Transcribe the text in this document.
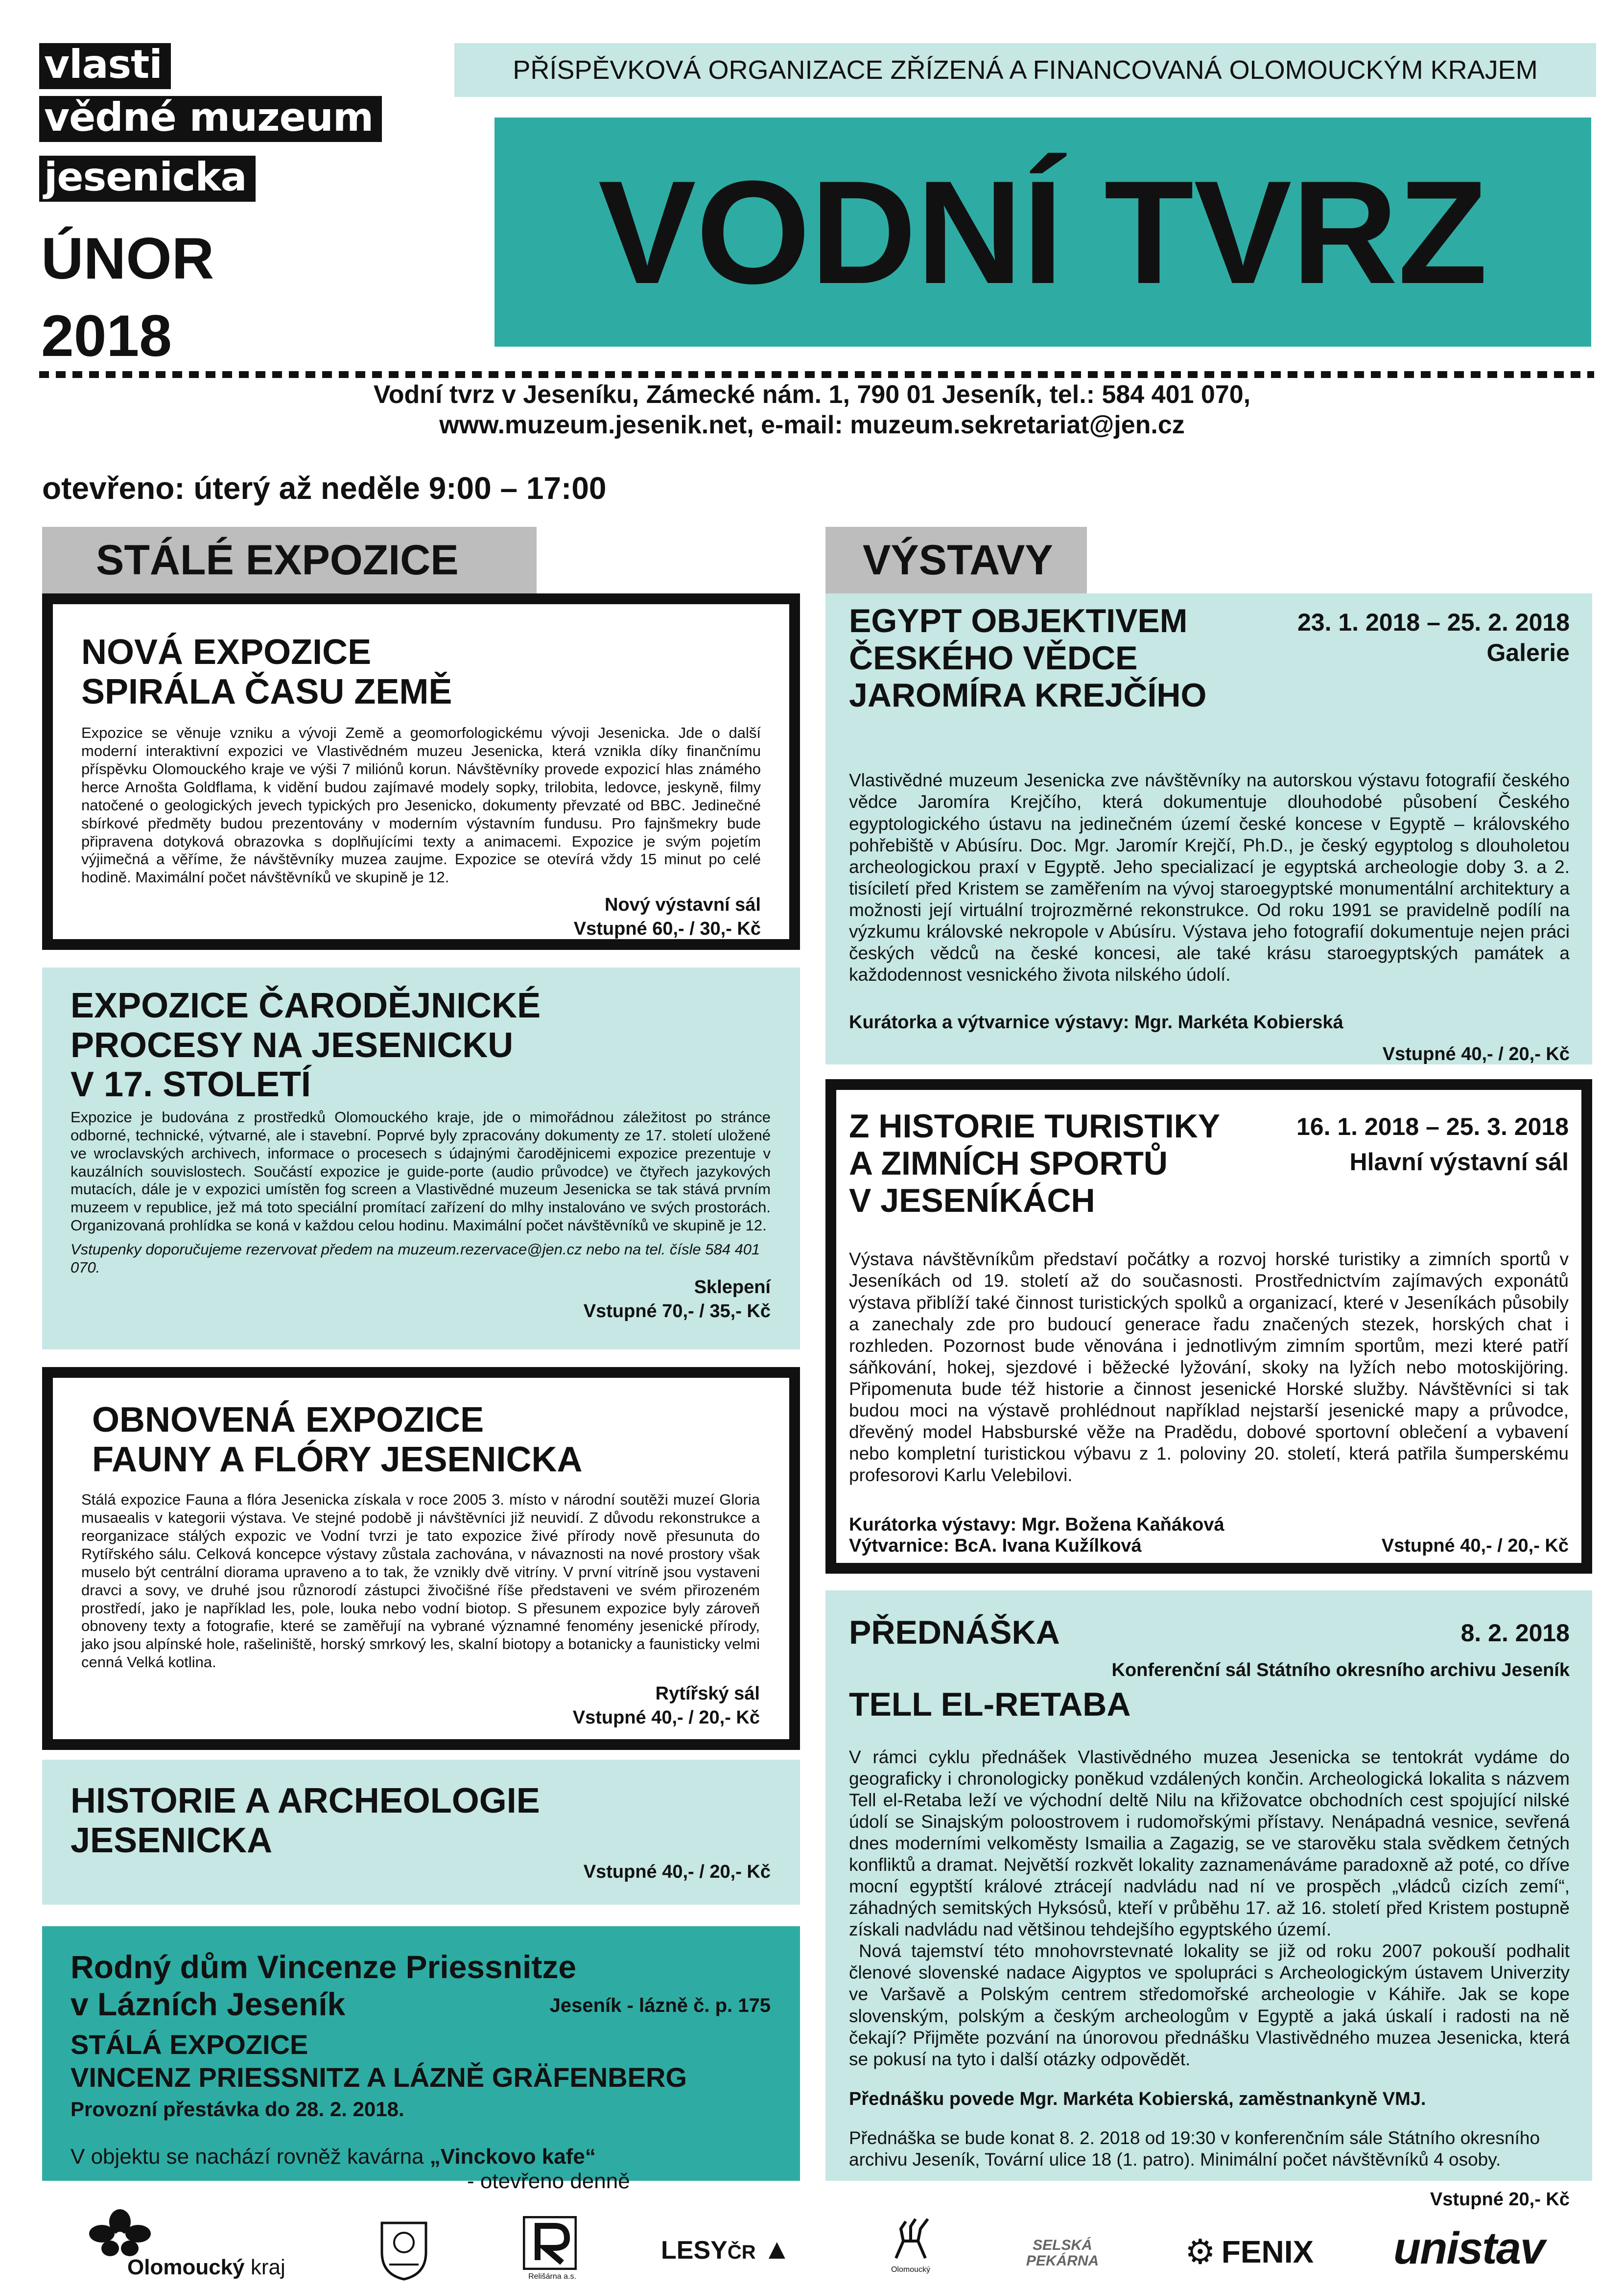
vlasti
vědné muzeum
jesenicka
ÚNOR
2018
PŘÍSPĚVKOVÁ ORGANIZACE ZŘÍZENÁ A FINANCOVANÁ OLOMOUCKÝM KRAJEM
VODNÍ TVRZ
Vodní tvrz v Jeseníku, Zámecké nám. 1, 790 01 Jeseník, tel.: 584 401 070,
www.muzeum.jesenik.net, e-mail: muzeum.sekretariat@jen.cz
otevřeno: úterý až neděle 9:00 – 17:00
STÁLÉ EXPOZICE	VÝSTAVY
NOVÁ EXPOZICE
SPIRÁLA ČASU ZEMĚ
Expozice se věnuje vzniku a vývoji Země a geomorfologickému vývoji Jesenicka. Jde o další moderní interaktivní expozici ve Vlastivědném muzeu Jesenicka, která vznikla díky finančnímu příspěvku Olomouckého kraje ve výši 7 miliónů korun. Návštěvníky provede expozicí hlas známého herce Arnošta Goldflama, k vidění budou zajímavé modely sopky, trilobita, ledovce, jeskyně, filmy natočené o geologických jevech typických pro Jesenicko, dokumenty převzaté od BBC. Jedinečné sbírkové předměty budou prezentovány v moderním výstavním fundusu. Pro fajnšmekry bude připravena dotyková obrazovka s doplňujícími texty a animacemi. Expozice je svým pojetím výjimečná a věříme, že návštěvníky muzea zaujme. Expozice se otevírá vždy 15 minut po celé hodině. Maximální počet návštěvníků ve skupině je 12.
Nový výstavní sál
Vstupné 60,- / 30,- Kč
EXPOZICE ČARODĚJNICKÉ
PROCESY NA JESENICKU
V 17. STOLETÍ
Expozice je budována z prostředků Olomouckého kraje, jde o mimořádnou záležitost po stránce odborné, technické, výtvarné, ale i stavební. Poprvé byly zpracovány dokumenty ze 17. století uložené ve wroclavských archivech, informace o procesech s údajnými čarodějnicemi expozice prezentuje v kauzálních souvislostech. Součástí expozice je guide-porte (audio průvodce) ve čtyřech jazykových mutacích, dále je v expozici umístěn fog screen a Vlastivědné muzeum Jesenicka se tak stává prvním muzeem v republice, jež má toto speciální promítací zařízení do mlhy instalováno ve svých prostorách. Organizovaná prohlídka se koná v každou celou hodinu. Maximální počet návštěvníků ve skupině je 12.
Vstupenky doporučujeme rezervovat předem na muzeum.rezervace@jen.cz nebo na tel. čísle 584 401 070.
Sklepení
Vstupné 70,- / 35,- Kč
OBNOVENÁ EXPOZICE
FAUNY A FLÓRY JESENICKA
Stálá expozice Fauna a flóra Jesenicka získala v roce 2005 3. místo v národní soutěži muzeí Gloria musaealis v kategorii výstava. Ve stejné podobě ji návštěvníci již neuvidí. Z důvodu rekonstrukce a reorganizace stálých expozic ve Vodní tvrzi je tato expozice živé přírody nově přesunuta do Rytířského sálu. Celková koncepce výstavy zůstala zachována, v návaznosti na nové prostory však muselo být centrální diorama upraveno a to tak, že vznikly dvě vitríny. V první vitríně jsou vystaveni dravci a sovy, ve druhé jsou různorodí zástupci živočišné říše představeni ve svém přirozeném prostředí, jako je například les, pole, louka nebo vodní biotop. S přesunem expozice byly zároveň obnoveny texty a fotografie, které se zaměřují na vybrané významné fenomény jesenické přírody, jako jsou alpínské hole, rašeliniště, horský smrkový les, skalní biotopy a botanicky a faunisticky velmi cenná Velká kotlina.
Rytířský sál
Vstupné 40,- / 20,- Kč
HISTORIE A ARCHEOLOGIE
JESENICKA
Vstupné 40,- / 20,- Kč
Rodný dům Vincenze Priessnitze
v Lázních Jeseník	Jeseník - lázně č. p. 175
STÁLÁ EXPOZICE
VINCENZ PRIESSNITZ A LÁZNĚ GRÄFENBERG
Provozní přestávka do 28. 2. 2018.
V objektu se nachází rovněž kavárna „Vinckovo kafe“
- otevřeno denně
EGYPT OBJEKTIVEM
ČESKÉHO VĚDCE
JAROMÍRA KREJČÍHO
23. 1. 2018 – 25. 2. 2018
Galerie
Vlastivědné muzeum Jesenicka zve návštěvníky na autorskou výstavu fotografií českého vědce Jaromíra Krejčího, která dokumentuje dlouhodobé působení Českého egyptologického ústavu na jedinečném území české koncese v Egyptě – královského pohřebiště v Abúsíru. Doc. Mgr. Jaromír Krejčí, Ph.D., je český egyptolog s dlouholetou archeologickou praxí v Egyptě. Jeho specializací je egyptská archeologie doby 3. a 2. tisíciletí před Kristem se zaměřením na vývoj staroegyptské monumentální architektury a možnosti její virtuální trojrozměrné rekonstrukce. Od roku 1991 se pravidelně podílí na výzkumu královské nekropole v Abúsíru. Výstava jeho fotografií dokumentuje nejen práci českých vědců na české koncesi, ale také krásu staroegyptských památek a každodennost vesnického života nilského údolí.
Kurátorka a výtvarnice výstavy: Mgr. Markéta Kobierská
Vstupné 40,- / 20,- Kč
Z HISTORIE TURISTIKY
A ZIMNÍCH SPORTŮ
V JESENÍKÁCH
16. 1. 2018 – 25. 3. 2018
Hlavní výstavní sál
Výstava návštěvníkům představí počátky a rozvoj horské turistiky a zimních sportů v Jeseníkách od 19. století až do současnosti. Prostřednictvím zajímavých exponátů výstava přiblíží také činnost turistických spolků a organizací, které v Jeseníkách působily a zanechaly zde pro budoucí generace řadu značených stezek, horských chat i rozhleden. Pozornost bude věnována i jednotlivým zimním sportům, mezi které patří sáňkování, hokej, sjezdové i běžecké lyžování, skoky na lyžích nebo motoskijöring. Připomenuta bude též historie a činnost jesenické Horské služby. Návštěvníci si tak budou moci na výstavě prohlédnout například nejstarší jesenické mapy a průvodce, dřevěný model Habsburské věže na Pradědu, dobové sportovní oblečení a vybavení nebo kompletní turistickou výbavu z 1. poloviny 20. století, která patřila šumperskému profesorovi Karlu Velebilovi.
Kurátorka výstavy: Mgr. Božena Kaňáková
Výtvarnice: BcA. Ivana Kužílková	Vstupné 40,- / 20,- Kč
PŘEDNÁŠKA	8. 2. 2018
Konferenční sál Státního okresního archivu Jeseník
TELL EL-RETABA
V rámci cyklu přednášek Vlastivědného muzea Jesenicka se tentokrát vydáme do geograficky i chronologicky poněkud vzdálených končin. Archeologická lokalita s názvem Tell el-Retaba leží ve východní deltě Nilu na křižovatce obchodních cest spojující nilské údolí se Sinajským poloostrovem i rudomořskými přístavy. Nenápadná vesnice, sevřená dnes moderními velkoměsty Ismailia a Zagazig, se ve starověku stala svědkem četných konfliktů a dramat. Největší rozkvět lokality zaznamenáváme paradoxně až poté, co dříve mocní egyptští králové ztrácejí nadvládu nad ní ve prospěch „vládců cizích zemí“, záhadných semitských Hyksósů, kteří v průběhu 17. až 16. století před Kristem postupně získali nadvládu nad většinou tehdejšího egyptského území.
Nová tajemství této mnohovrstevnaté lokality se již od roku 2007 pokouší podhalit členové slovenské nadace Aigyptos ve spolupráci s Archeologickým ústavem Univerzity ve Varšavě a Polským centrem středomořské archeologie v Káhiře. Jak se kope slovenským, polským a českým archeologům v Egyptě a jaká úskalí i radosti na ně čekají? Přijměte pozvání na únorovou přednášku Vlastivědného muzea Jesenicka, která se pokusí na tyto i další otázky odpovědět.
Přednášku povede Mgr. Markéta Kobierská, zaměstnankyně VMJ.
Přednáška se bude konat 8. 2. 2018 od 19:30 v konferenčním sále Státního okresního archivu Jeseník, Tovární ulice 18 (1. patro). Minimální počet návštěvníků 4 osoby.
Vstupné 20,- Kč
Olomoucký kraj	Relišárna a.s.
LESYČR ▲
Olomoucký
SELSKÁ PEKÁRNA	⚙ FENIX unistav
